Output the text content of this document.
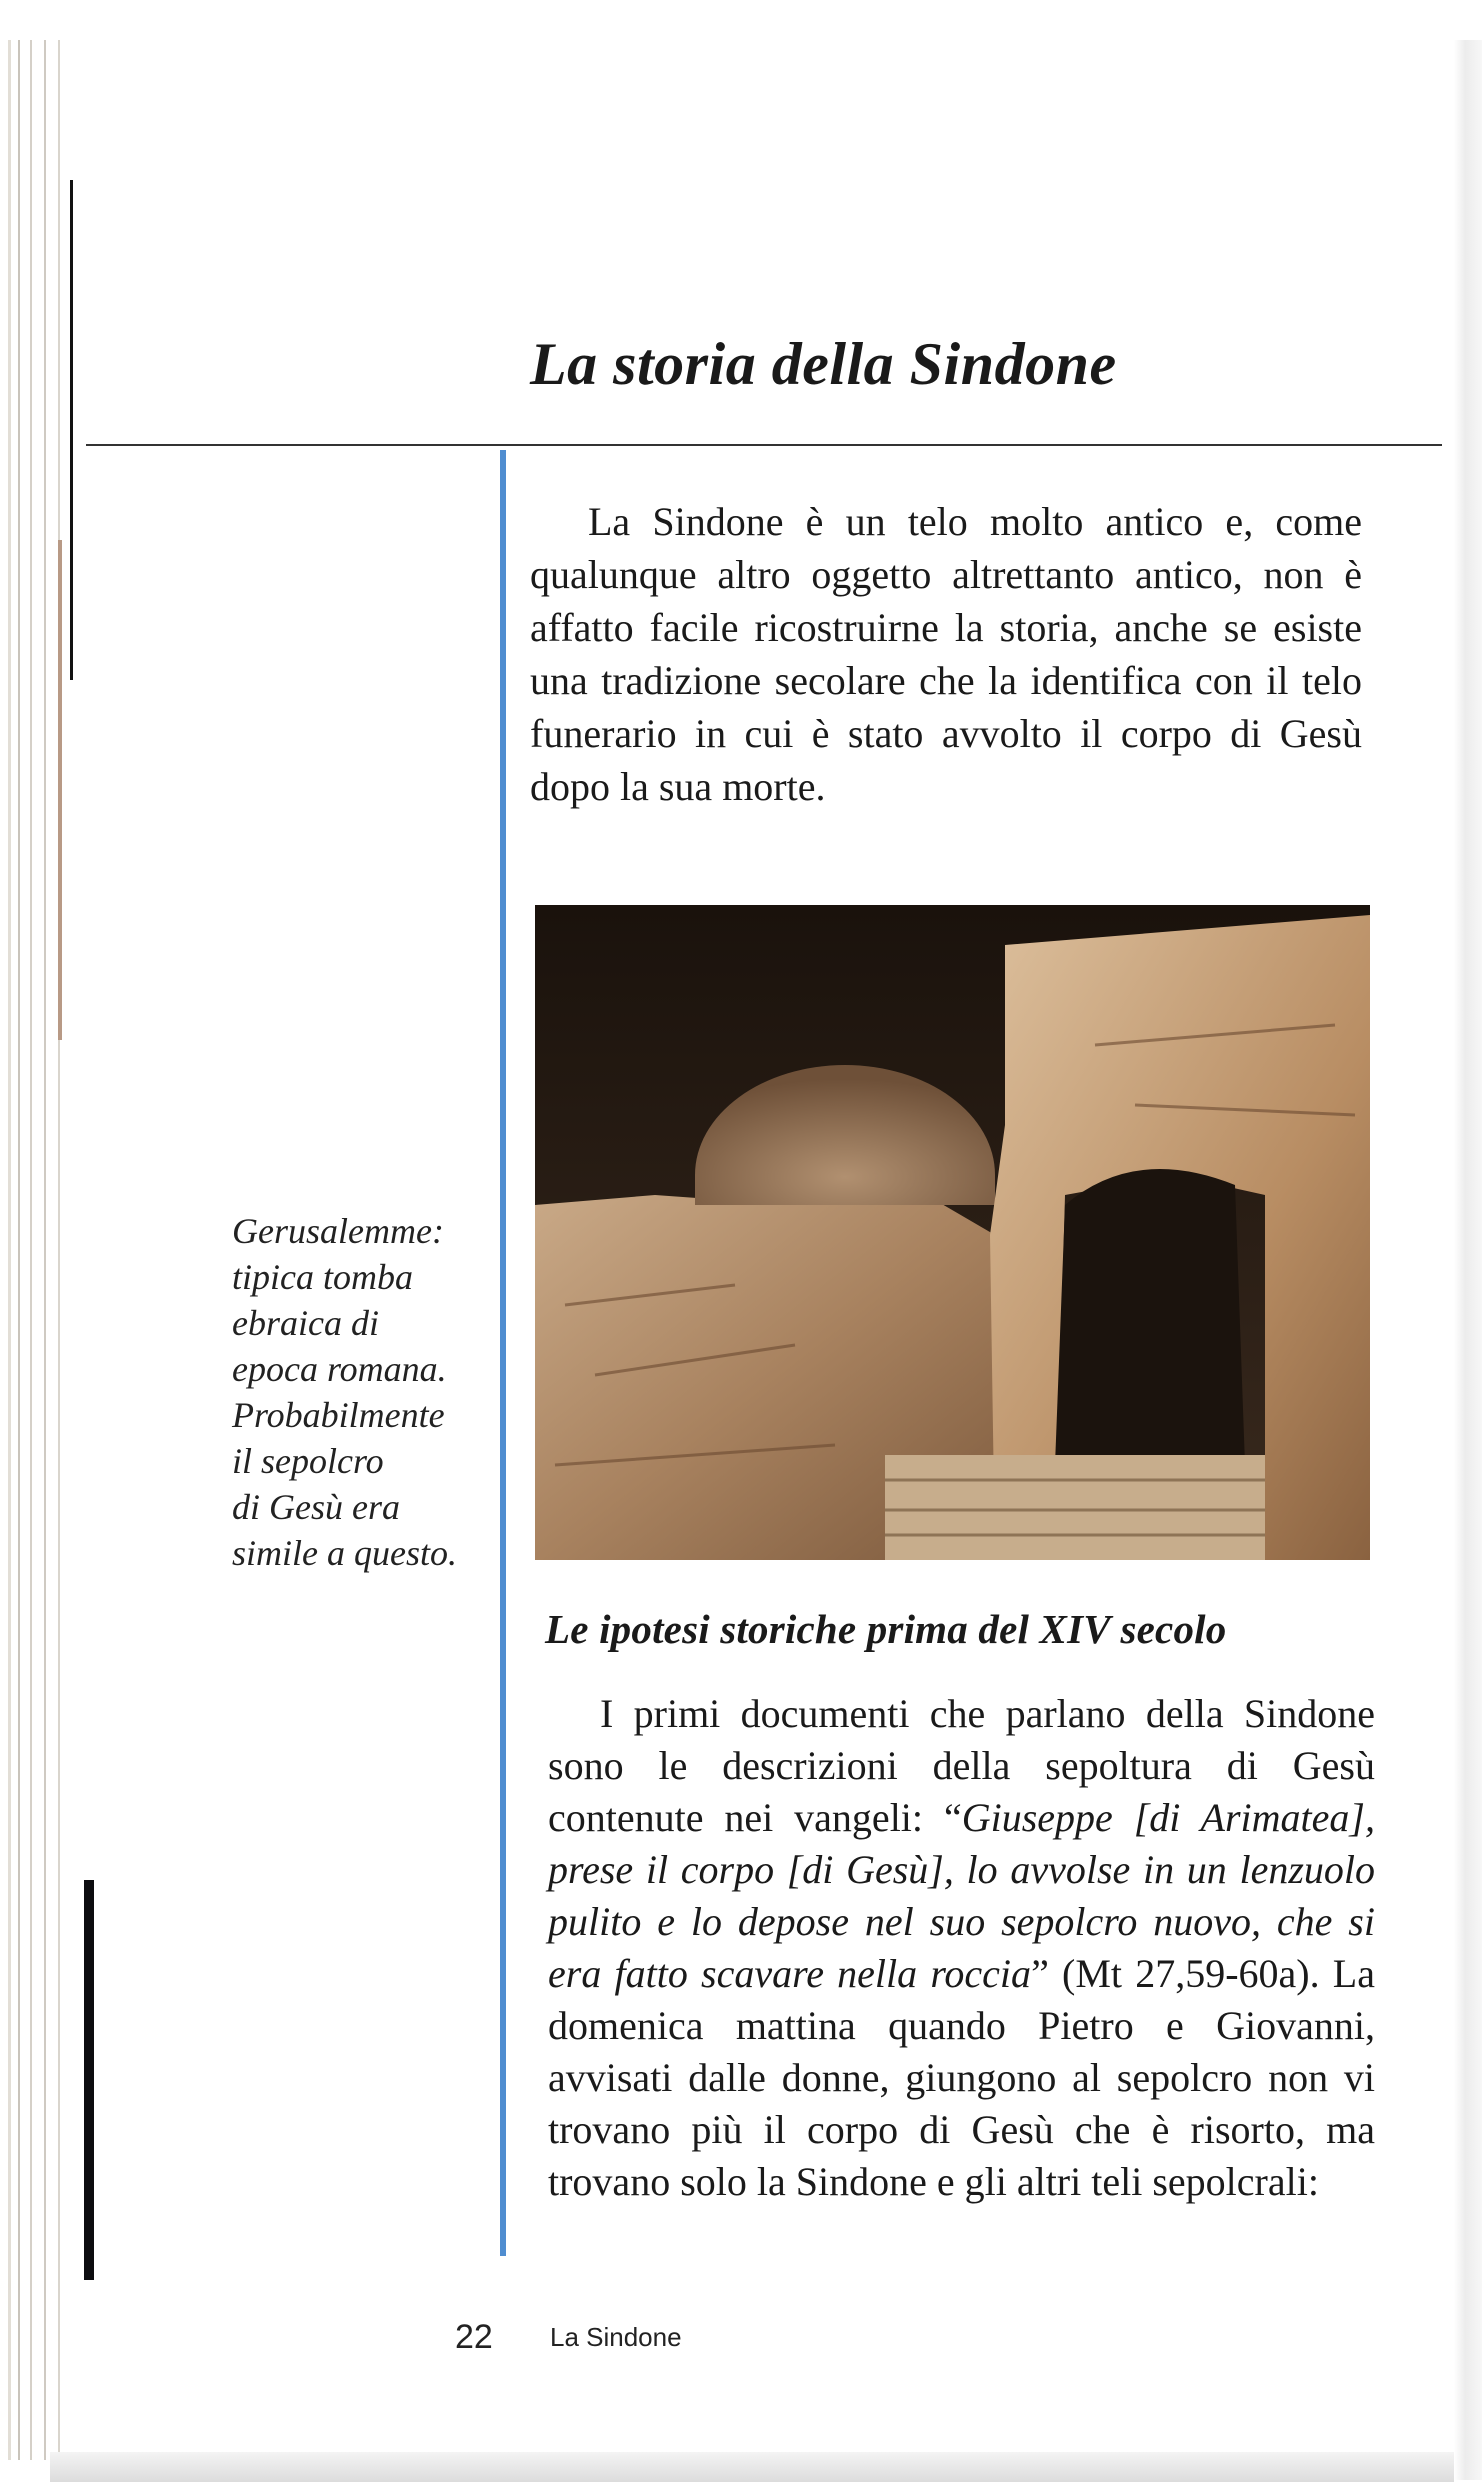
La storia della Sindone

La Sindone è un telo molto antico e, come qualunque altro oggetto altrettanto antico, non è affatto facile ricostruirne la storia, anche se esiste una tradizione secolare che la identifica con il telo funerario in cui è stato avvolto il corpo di Gesù dopo la sua morte.

Gerusalemme:
tipica tomba
ebraica di
epoca romana.
Probabilmente
il sepolcro
di Gesù era
simile a questo.
Le ipotesi storiche prima del XIV secolo

I primi documenti che parlano della Sindone sono le descrizioni della sepoltura di Gesù contenute nei vangeli: “Giuseppe [di Arimatea], prese il corpo [di Gesù], lo avvolse in un lenzuolo pulito e lo depose nel suo sepolcro nuovo, che si era fatto scavare nella roccia” (Mt 27,59-60a). La domenica mattina quando Pietro e Giovanni, avvisati dalle donne, giungono al sepolcro non vi trovano più il corpo di Gesù che è risorto, ma trovano solo la Sindone e gli altri teli sepolcrali:

22 La Sindone
